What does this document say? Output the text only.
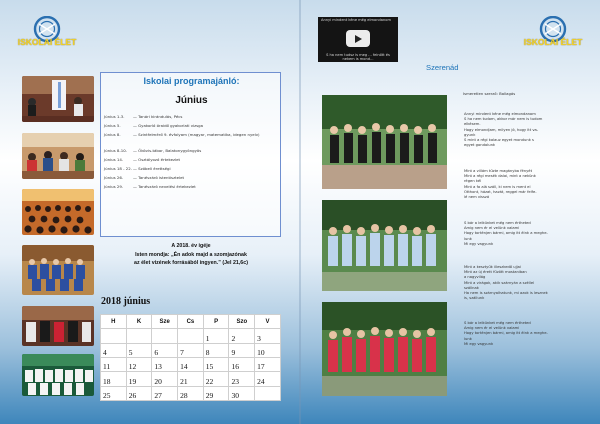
ISKOLAI ÉLET	ISKOLAI ÉLET
Iskolai programajánló:
Június
Június 1-3.	— Tanári kirándulás, Pécs
Június 5.	— Gyakorló óraidő gyakorlati vizsga
Június 8.	— Szintfelmérő 9. évfolyam (magyar, matematika, idegen nyelv)
Június 8-10.	— Ökövis-tábor, Balatonygyöngyös
Június 14.	— Osztályozó értekezlet
Június 18 - 22. — Szóbeli érettségi
Június 26.	— Tanévzáró istentisztelet
Június 29.	— Tanévzáró nevelési értekezlet
A 2018. év igéje
Isten mondja: „Én adok majd a szomjazónak
az élet vizének forrásából ingyen.” (Jel 21,6c)
2018 június
H	K	Sze	Cs	P	Szo	V
				1	2	3
4	5	6	7	8	9	10
11	12	13	14	15	16	17
18	19	20	21	22	23	24
25	26	27	28	29	30	
Annyi mindent kéne még elmondanom
S ha nem tudsz is meg ... felnőtt és nekem is mond...
Szerenád
Ismeretlen szerző: Ballagás
Annyi mindent kéne még elmondanom
S ha nem tudom, akkor már nem is tudom
elkésem.
Hogy elmondjam, milyen jó, hogy itt va-
gyunk
S mint a régi kalauz egyet mondunk s
egyet gondolunk
Mint a villám tűzte magányba fényét
Mint a régi mesék dalai, mint a nekünk
régen kél
Mint a fa alá száll, ki nem is ment el
Otthont, házat, hazát, reggel már felfe-
lé nem visszá
S bár a lelkünket még nem értheted
Amig nem ér el velünk valami
Hogy torténjen bármi, amig itt élnk a meghe-
lunk
Mi egy vagyunk
Mint a kesztyűk illeszkedő ujjai
Mint az új érett fűzött mostaniban
a nagyvilág
Mint a virágok, akik szárnyán a széllel
szállnak
Ha nem is szárnyalhatunk, mi azok is lesznek
is, szállunk
S bár a lelkünket még nem értheted
Amig nem ér el velünk valami
Hogy torténjen bármi, amig itt élnk a meghe-
lunk
Mi egy vagyunk
